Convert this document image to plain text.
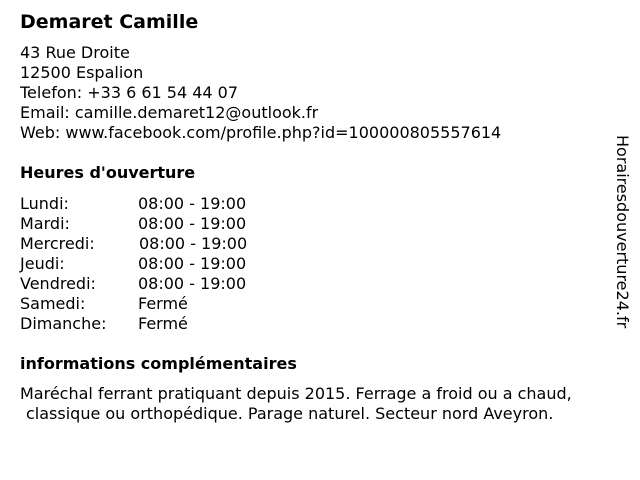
Demaret Camille
43 Rue Droite
12500 Espalion
Telefon: +33 6 61 54 44 07
Email: camille.demaret12@outlook.fr
Web: www.facebook.com/profile.php?id=100000805557614
Heures d'ouverture
Lundi:	08:00 - 19:00
Mardi:	08:00 - 19:00
Mercredi:	08:00 - 19:00
Jeudi:	08:00 - 19:00
Vendredi:	08:00 - 19:00
Samedi:	Fermé
Dimanche:	Fermé
informations complémentaires
Maréchal ferrant pratiquant depuis 2015. Ferrage a froid ou a chaud,
classique ou orthopédique. Parage naturel. Secteur nord Aveyron.
Horairesdouverture24.fr
